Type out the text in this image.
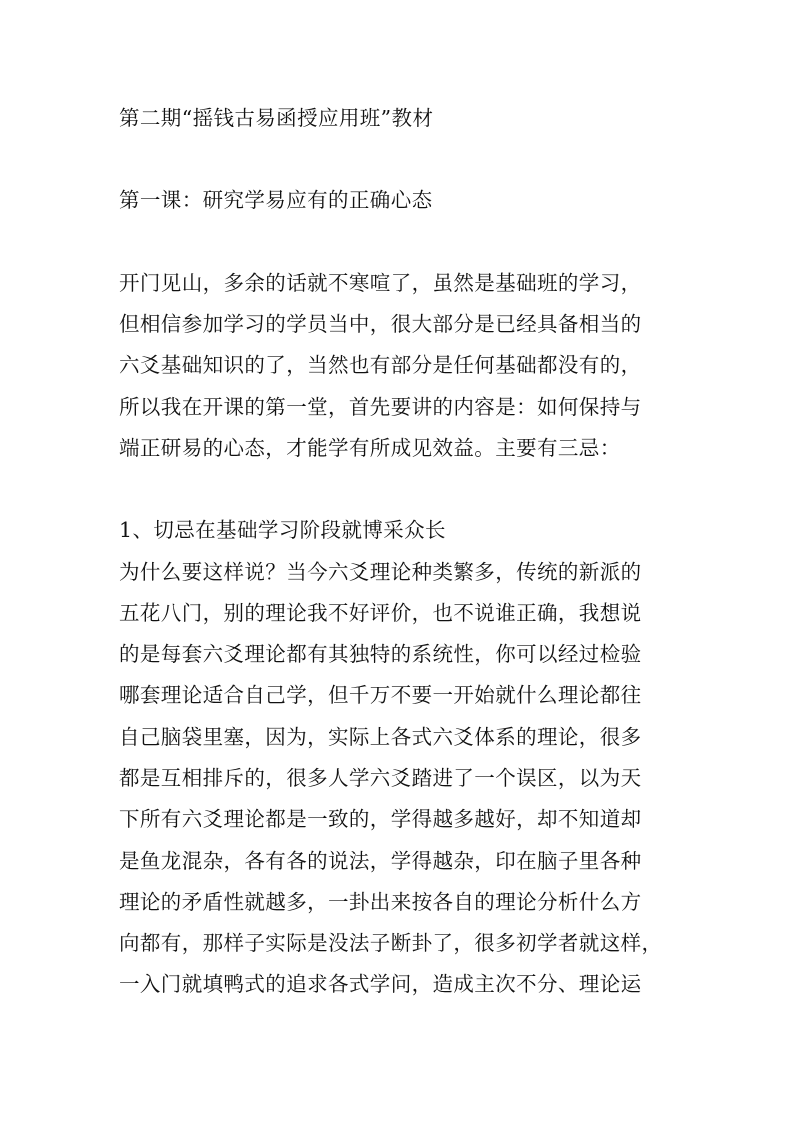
第二期“摇钱古易函授应用班”教材
第一课：研究学易应有的正确心态
开门见山，多余的话就不寒喧了，虽然是基础班的学习，
但相信参加学习的学员当中，很大部分是已经具备相当的
六爻基础知识的了，当然也有部分是任何基础都没有的，
所以我在开课的第一堂，首先要讲的内容是：如何保持与
端正研易的心态，才能学有所成见效益。主要有三忌：
1、切忌在基础学习阶段就博采众长
为什么要这样说？当今六爻理论种类繁多，传统的新派的
五花八门，别的理论我不好评价，也不说谁正确，我想说
的是每套六爻理论都有其独特的系统性，你可以经过检验
哪套理论适合自己学，但千万不要一开始就什么理论都往
自己脑袋里塞，因为，实际上各式六爻体系的理论，很多
都是互相排斥的，很多人学六爻踏进了一个误区，以为天
下所有六爻理论都是一致的，学得越多越好，却不知道却
是鱼龙混杂，各有各的说法，学得越杂，印在脑子里各种
理论的矛盾性就越多，一卦出来按各自的理论分析什么方
向都有，那样子实际是没法子断卦了，很多初学者就这样，
一入门就填鸭式的追求各式学问，造成主次不分、理论运
